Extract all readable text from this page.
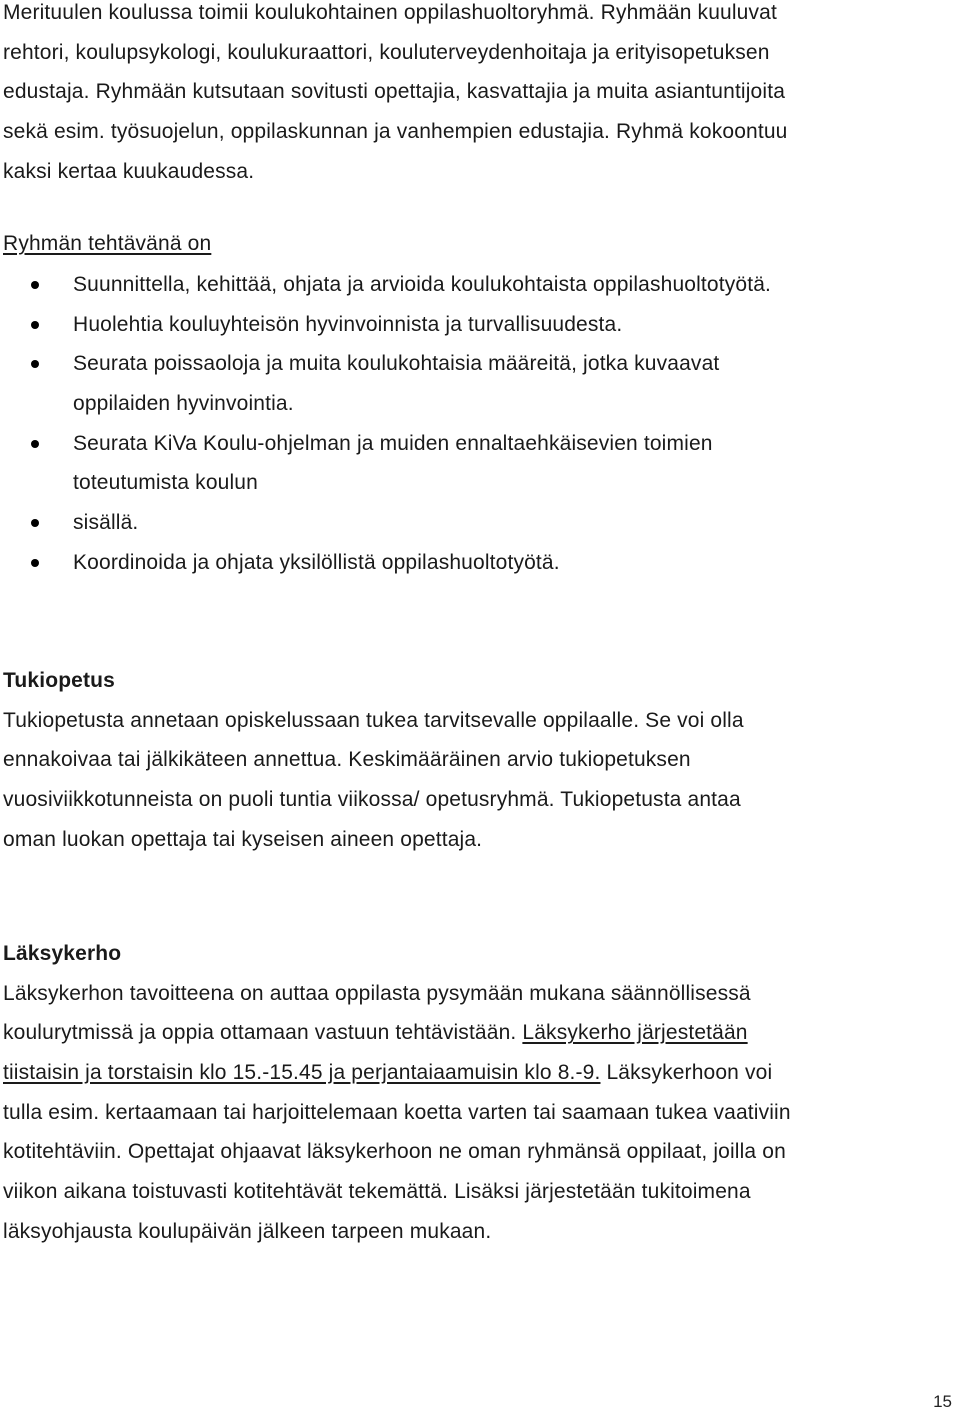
Merituulen koulussa toimii koulukohtainen oppilashuoltoryhmä. Ryhmään kuuluvat
rehtori, koulupsykologi, koulukuraattori, kouluterveydenhoitaja ja erityisopetuksen
edustaja. Ryhmään kutsutaan sovitusti opettajia, kasvattajia ja muita asiantuntijoita
sekä esim. työsuojelun, oppilaskunnan ja vanhempien edustajia. Ryhmä kokoontuu
kaksi kertaa kuukaudessa.
Ryhmän tehtävänä on
Suunnittella, kehittää, ohjata ja arvioida koulukohtaista oppilashuoltotyötä.
Huolehtia kouluyhteisön hyvinvoinnista ja turvallisuudesta.
Seurata poissaoloja ja muita koulukohtaisia määreitä, jotka kuvaavat
oppilaiden hyvinvointia.
Seurata KiVa Koulu-ohjelman ja muiden ennaltaehkäisevien toimien
toteutumista koulun
sisällä.
Koordinoida ja ohjata yksilöllistä oppilashuoltotyötä.
Tukiopetus
Tukiopetusta annetaan opiskelussaan tukea tarvitsevalle oppilaalle. Se voi olla
ennakoivaa tai jälkikäteen annettua. Keskimääräinen arvio tukiopetuksen
vuosiviikkotunneista on puoli tuntia viikossa/ opetusryhmä. Tukiopetusta antaa
oman luokan opettaja tai kyseisen aineen opettaja.
Läksykerho
Läksykerhon tavoitteena on auttaa oppilasta pysymään mukana säännöllisessä
koulurytmissä ja oppia ottamaan vastuun tehtävistään. Läksykerho järjestetään
tiistaisin ja torstaisin klo 15.-15.45 ja perjantaiaamuisin klo 8.-9. Läksykerhoon voi
tulla esim. kertaamaan tai harjoittelemaan koetta varten tai saamaan tukea vaativiin
kotitehtäviin. Opettajat ohjaavat läksykerhoon ne oman ryhmänsä oppilaat, joilla on
viikon aikana toistuvasti kotitehtävät tekemättä. Lisäksi järjestetään tukitoimena
läksyohjausta koulupäivän jälkeen tarpeen mukaan.
15
